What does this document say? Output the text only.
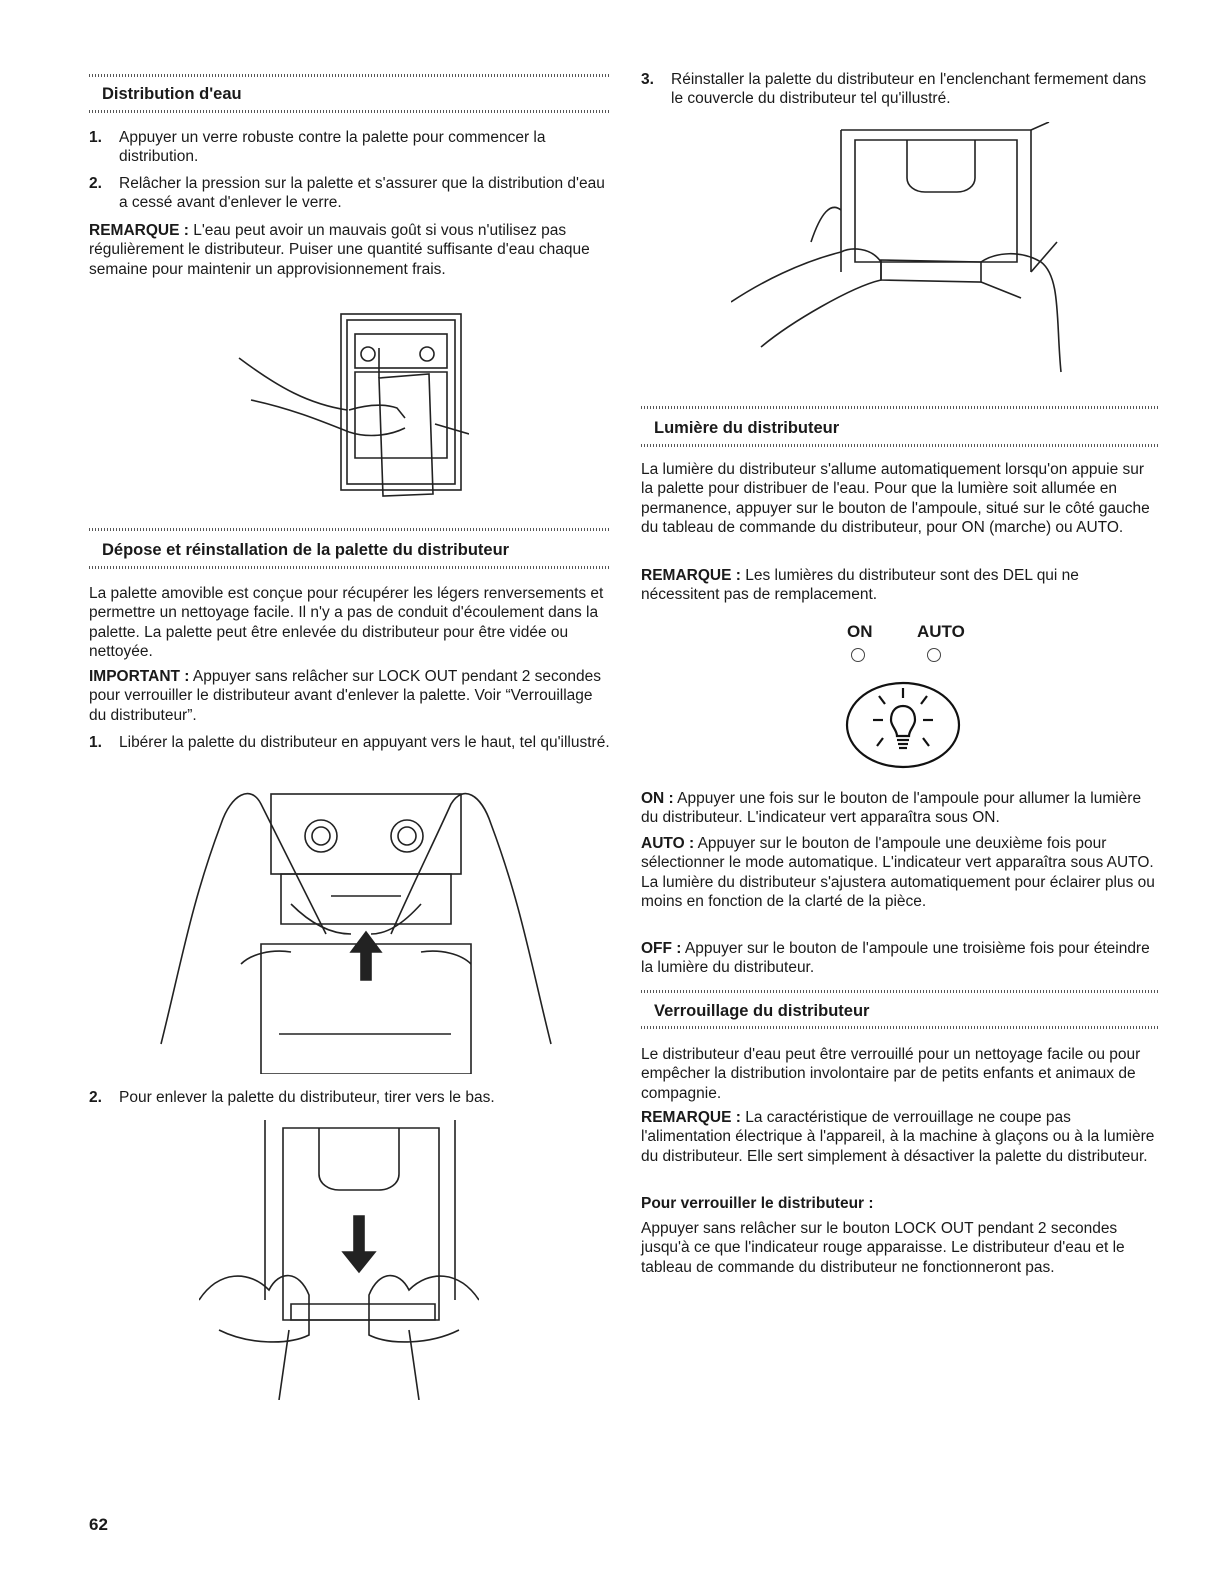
Distribution d'eau
1.	Appuyer un verre robuste contre la palette pour commencer la distribution.
2.	Relâcher la pression sur la palette et s'assurer que la distribution d'eau a cessé avant d'enlever le verre.

REMARQUE : L'eau peut avoir un mauvais goût si vous n'utilisez pas régulièrement le distributeur. Puiser une quantité suffisante d'eau chaque semaine pour maintenir un approvisionnement frais.

Dépose et réinstallation de la palette du distributeur

La palette amovible est conçue pour récupérer les légers renversements et permettre un nettoyage facile. Il n'y a pas de conduit d'écoulement dans la palette. La palette peut être enlevée du distributeur pour être vidée ou nettoyée.

IMPORTANT : Appuyer sans relâcher sur LOCK OUT pendant 2 secondes pour verrouiller le distributeur avant d'enlever la palette. Voir “Verrouillage du distributeur”.

1.	Libérer la palette du distributeur en appuyant vers le haut, tel qu'illustré.
2.	Pour enlever la palette du distributeur, tirer vers le bas.
3.	Réinstaller la palette du distributeur en l'enclenchant fermement dans le couvercle du distributeur tel qu'illustré.
Lumière du distributeur

La lumière du distributeur s'allume automatiquement lorsqu'on appuie sur la palette pour distribuer de l'eau. Pour que la lumière soit allumée en permanence, appuyer sur le bouton de l'ampoule, situé sur le côté gauche du tableau de commande du distributeur, pour ON (marche) ou AUTO.

REMARQUE : Les lumières du distributeur sont des DEL qui ne nécessitent pas de remplacement.

ON	AUTO

ON : Appuyer une fois sur le bouton de l'ampoule pour allumer la lumière du distributeur. L'indicateur vert apparaîtra sous ON.

AUTO : Appuyer sur le bouton de l'ampoule une deuxième fois pour sélectionner le mode automatique. L'indicateur vert apparaîtra sous AUTO. La lumière du distributeur s'ajustera automatiquement pour éclairer plus ou moins en fonction de la clarté de la pièce.

OFF : Appuyer sur le bouton de l'ampoule une troisième fois pour éteindre la lumière du distributeur.

Verrouillage du distributeur

Le distributeur d'eau peut être verrouillé pour un nettoyage facile ou pour empêcher la distribution involontaire par de petits enfants et animaux de compagnie.

REMARQUE : La caractéristique de verrouillage ne coupe pas l'alimentation électrique à l'appareil, à la machine à glaçons ou à la lumière du distributeur. Elle sert simplement à désactiver la palette du distributeur.

Pour verrouiller le distributeur :

Appuyer sans relâcher sur le bouton LOCK OUT pendant 2 secondes jusqu'à ce que l'indicateur rouge apparaisse. Le distributeur d'eau et le tableau de commande du distributeur ne fonctionneront pas.

62
